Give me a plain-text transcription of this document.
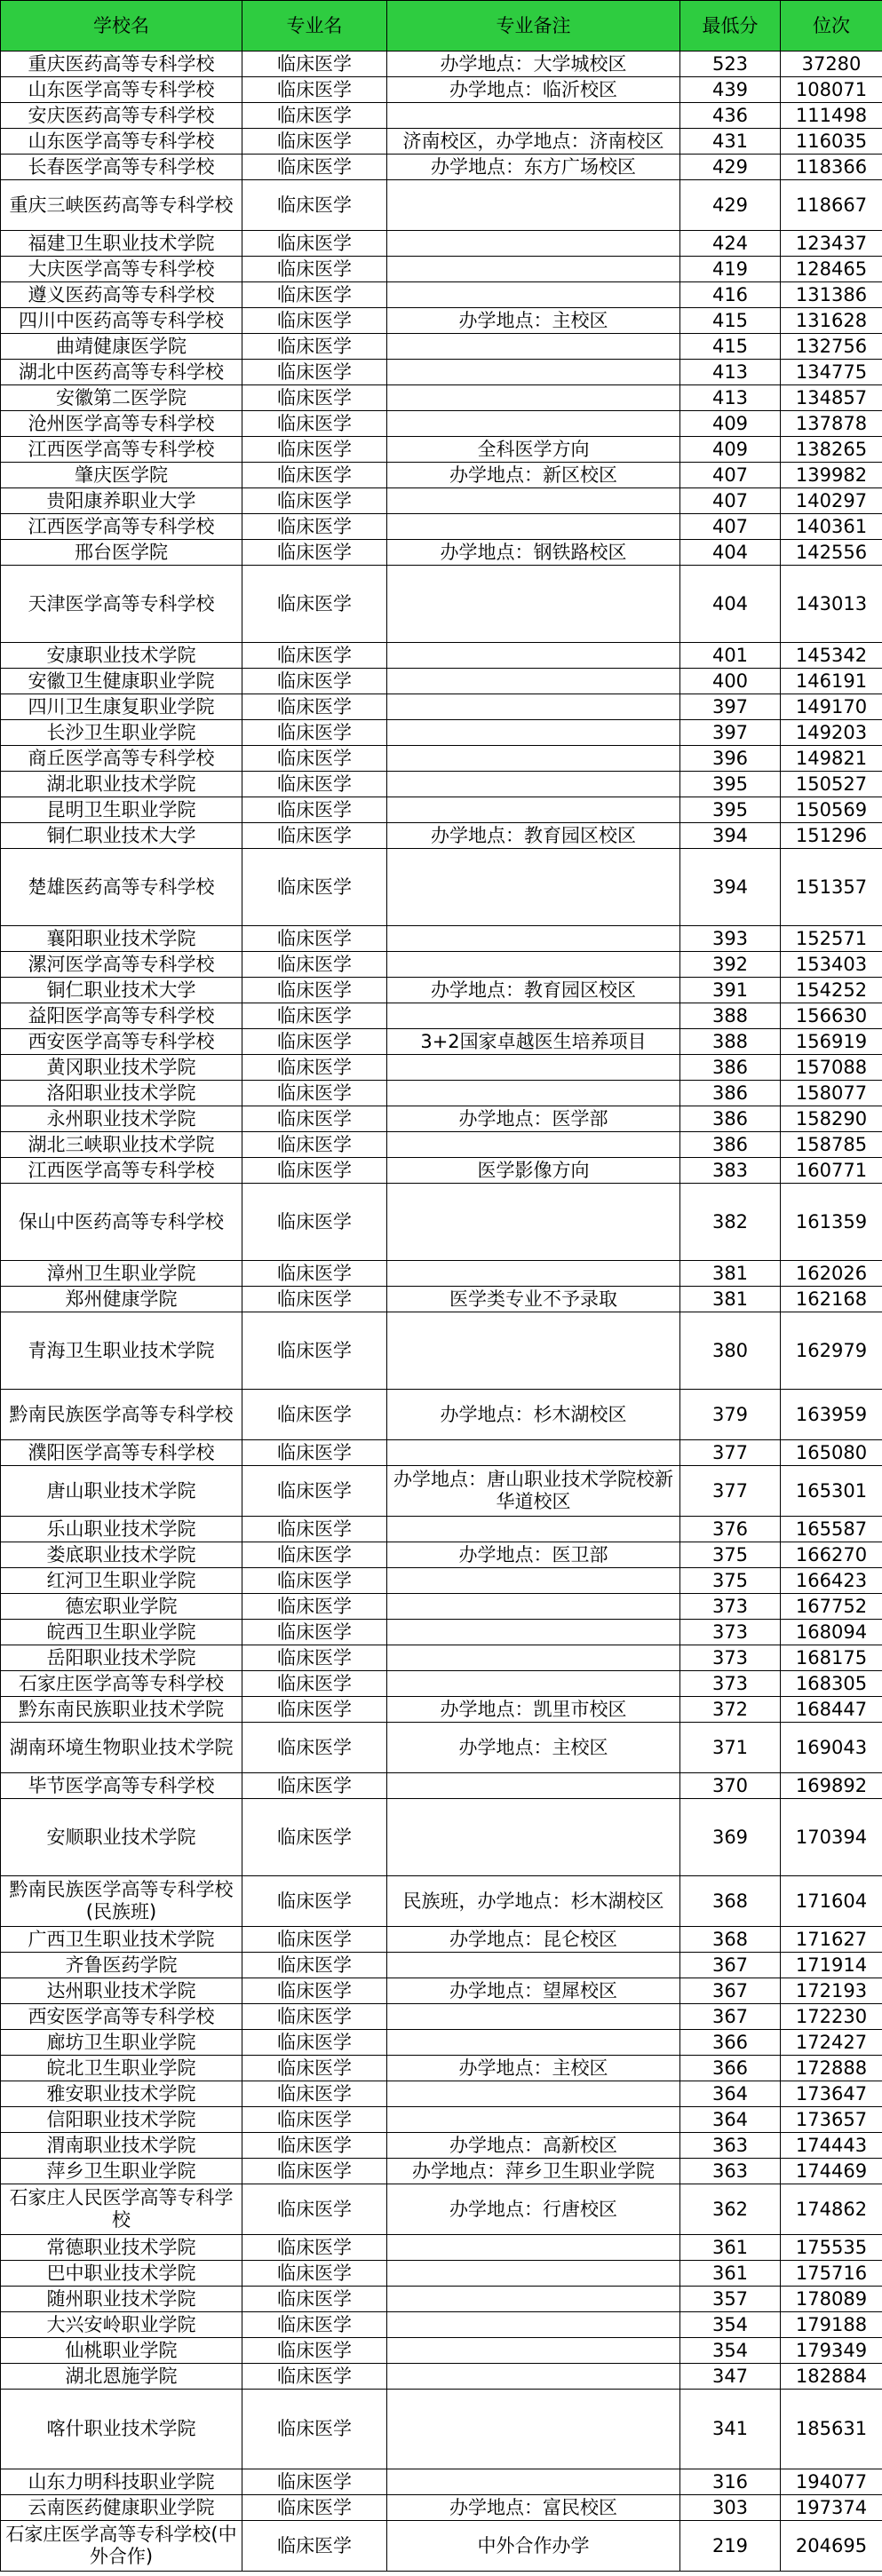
学校名	专业名	专业备注	最低分	位次
重庆医药高等专科学校	临床医学	办学地点：大学城校区	523	37280
山东医学高等专科学校	临床医学	办学地点：临沂校区	439	108071
安庆医药高等专科学校	临床医学		436	111498
山东医学高等专科学校	临床医学	济南校区，办学地点：济南校区	431	116035
长春医学高等专科学校	临床医学	办学地点：东方广场校区	429	118366
重庆三峡医药高等专科学校	临床医学		429	118667
福建卫生职业技术学院	临床医学		424	123437
大庆医学高等专科学校	临床医学		419	128465
遵义医药高等专科学校	临床医学		416	131386
四川中医药高等专科学校	临床医学	办学地点：主校区	415	131628
曲靖健康医学院	临床医学		415	132756
湖北中医药高等专科学校	临床医学		413	134775
安徽第二医学院	临床医学		413	134857
沧州医学高等专科学校	临床医学		409	137878
江西医学高等专科学校	临床医学	全科医学方向	409	138265
肇庆医学院	临床医学	办学地点：新区校区	407	139982
贵阳康养职业大学	临床医学		407	140297
江西医学高等专科学校	临床医学		407	140361
邢台医学院	临床医学	办学地点：钢铁路校区	404	142556
天津医学高等专科学校	临床医学		404	143013
安康职业技术学院	临床医学		401	145342
安徽卫生健康职业学院	临床医学		400	146191
四川卫生康复职业学院	临床医学		397	149170
长沙卫生职业学院	临床医学		397	149203
商丘医学高等专科学校	临床医学		396	149821
湖北职业技术学院	临床医学		395	150527
昆明卫生职业学院	临床医学		395	150569
铜仁职业技术大学	临床医学	办学地点：教育园区校区	394	151296
楚雄医药高等专科学校	临床医学		394	151357
襄阳职业技术学院	临床医学		393	152571
漯河医学高等专科学校	临床医学		392	153403
铜仁职业技术大学	临床医学	办学地点：教育园区校区	391	154252
益阳医学高等专科学校	临床医学		388	156630
西安医学高等专科学校	临床医学	3+2国家卓越医生培养项目	388	156919
黄冈职业技术学院	临床医学		386	157088
洛阳职业技术学院	临床医学		386	158077
永州职业技术学院	临床医学	办学地点：医学部	386	158290
湖北三峡职业技术学院	临床医学		386	158785
江西医学高等专科学校	临床医学	医学影像方向	383	160771
保山中医药高等专科学校	临床医学		382	161359
漳州卫生职业学院	临床医学		381	162026
郑州健康学院	临床医学	医学类专业不予录取	381	162168
青海卫生职业技术学院	临床医学		380	162979
黔南民族医学高等专科学校	临床医学	办学地点：杉木湖校区	379	163959
濮阳医学高等专科学校	临床医学		377	165080
唐山职业技术学院	临床医学	办学地点：唐山职业技术学院校新华道校区	377	165301
乐山职业技术学院	临床医学		376	165587
娄底职业技术学院	临床医学	办学地点：医卫部	375	166270
红河卫生职业学院	临床医学		375	166423
德宏职业学院	临床医学		373	167752
皖西卫生职业学院	临床医学		373	168094
岳阳职业技术学院	临床医学		373	168175
石家庄医学高等专科学校	临床医学		373	168305
黔东南民族职业技术学院	临床医学	办学地点：凯里市校区	372	168447
湖南环境生物职业技术学院	临床医学	办学地点：主校区	371	169043
毕节医学高等专科学校	临床医学		370	169892
安顺职业技术学院	临床医学		369	170394
黔南民族医学高等专科学校(民族班)	临床医学	民族班，办学地点：杉木湖校区	368	171604
广西卫生职业技术学院	临床医学	办学地点：昆仑校区	368	171627
齐鲁医药学院	临床医学		367	171914
达州职业技术学院	临床医学	办学地点：望犀校区	367	172193
西安医学高等专科学校	临床医学		367	172230
廊坊卫生职业学院	临床医学		366	172427
皖北卫生职业学院	临床医学	办学地点：主校区	366	172888
雅安职业技术学院	临床医学		364	173647
信阳职业技术学院	临床医学		364	173657
渭南职业技术学院	临床医学	办学地点：高新校区	363	174443
萍乡卫生职业学院	临床医学	办学地点：萍乡卫生职业学院	363	174469
石家庄人民医学高等专科学校	临床医学	办学地点：行唐校区	362	174862
常德职业技术学院	临床医学		361	175535
巴中职业技术学院	临床医学		361	175716
随州职业技术学院	临床医学		357	178089
大兴安岭职业学院	临床医学		354	179188
仙桃职业学院	临床医学		354	179349
湖北恩施学院	临床医学		347	182884
喀什职业技术学院	临床医学		341	185631
山东力明科技职业学院	临床医学		316	194077
云南医药健康职业学院	临床医学	办学地点：富民校区	303	197374
石家庄医学高等专科学校(中外合作)	临床医学	中外合作办学	219	204695
